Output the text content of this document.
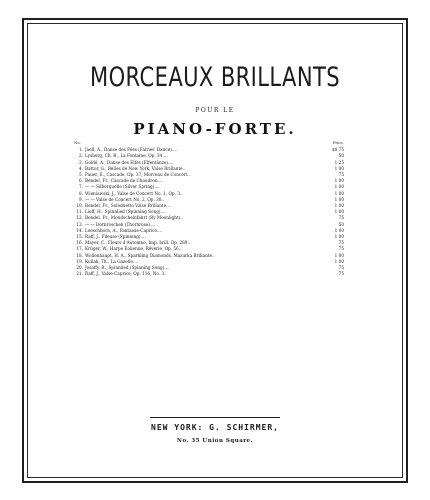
MORCEAUX BRILLANTS
POUR LE
PIANO-FORTE.
No.	Price.
1. Jaell, A., Danse des Fées (Fairies' Dance)....	$0 75
2. Lysberg, Ch. B., La Fontaine, Op. 34....	50
3. Goldé, A., Danse des Elfes (Elfentänze)....	1 25
4. Battor, G., Belles de New York, Valse Brillante..	1 00
5. Pauer, E., Cascade, Op. 37, Morceau de Concert..	75
6. Bendel, Fr., Cascade de Chaudron....	1 00
7. — — Silberquelle (Silver Spring)....	1 00
8. Wieniawski, J., Valse de Concert No. 1, Op. 3..	1 00
9. — — Valse de Concert No. 2, Op. 30..	1 00
10. Bendel, Fr., Soloduetto Valse Brillante....	1 00
11. Lieff, H., Spinnlied (Spinning Song)....	1 00
12. Bendel, Fr., Mondscheinfahrt (By Moonlight)..	75
13. — — Dornroschen (Thornrose)....	50
14. Loeschhorn, A., Fantaisie-Caprice....	1 00
15. Raff, J., Fileuse (Spinning)....	1 00
16. Mayer, C., Fleurs d'Automne, Imp. brill. Op. 289..	75
17. Krüger, W., Harpe Eolienne, Rêverie, Op. 56..	75
18. Wollenhaupt, H. A., Sparkling Diamonds, Mazurka Brillante..	1 00
19. Kullak, Th., La Gazelle....	1 00
20. Josaffy, R., Spinnlied (Spinning Song)....	75
21. Raff, J., Valse-Caprice, Op. 116, No. 3..	75
NEW YORK: G. SCHIRMER,
No. 35 Union Square.
